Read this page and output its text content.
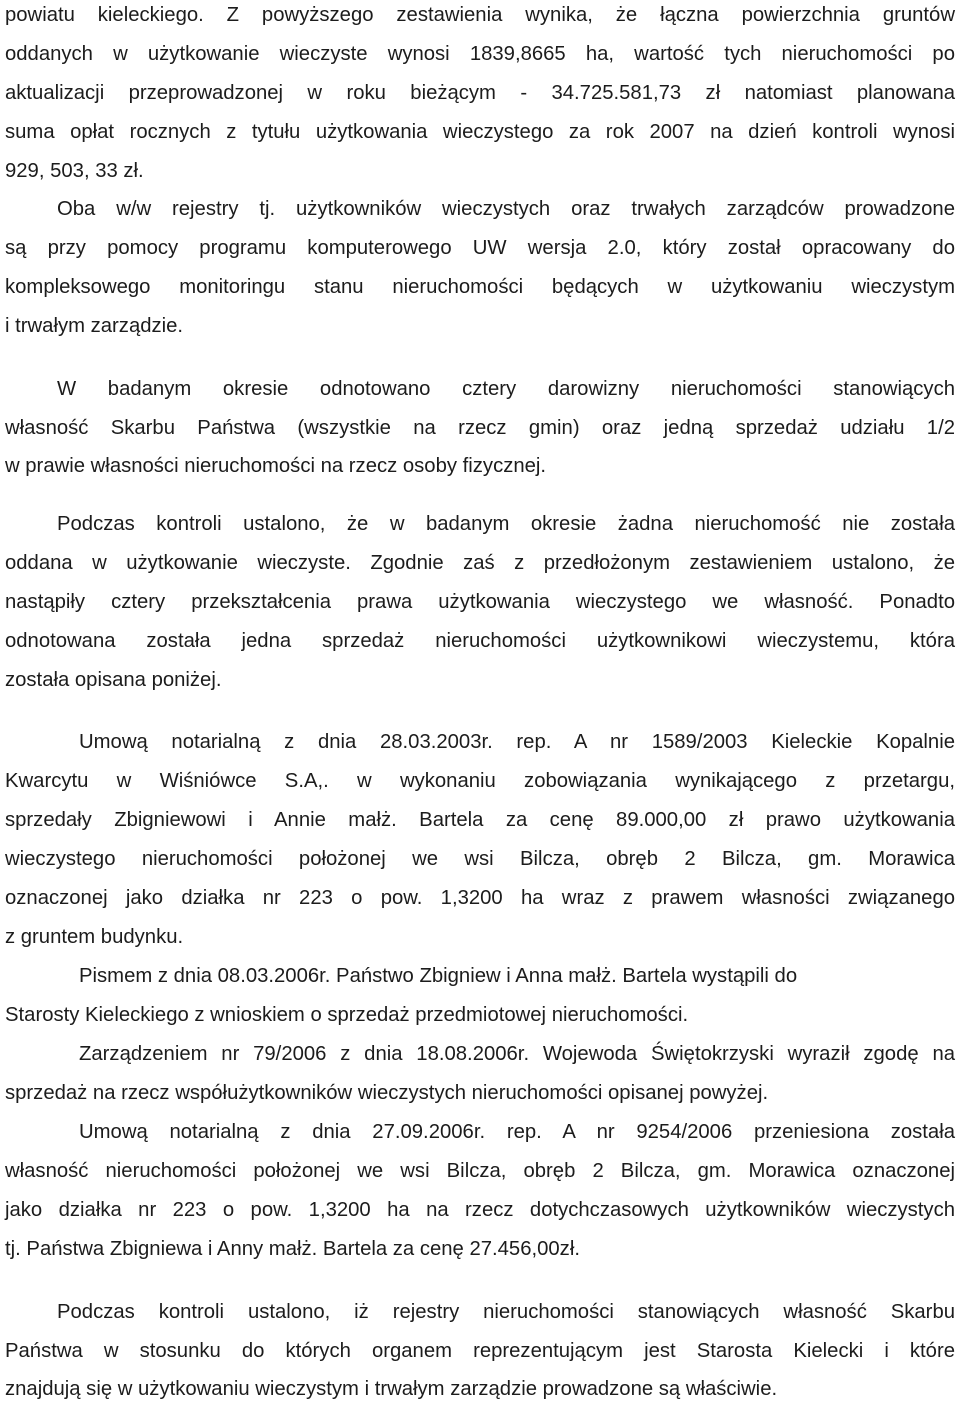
powiatu kieleckiego. Z powyższego zestawienia wynika, że łączna powierzchnia gruntów
oddanych w użytkowanie wieczyste wynosi 1839,8665 ha, wartość tych nieruchomości po
aktualizacji przeprowadzonej w roku bieżącym - 34.725.581,73 zł natomiast planowana
suma opłat rocznych z tytułu użytkowania wieczystego za rok 2007 na dzień kontroli wynosi
929, 503, 33 zł.
Oba w/w rejestry tj. użytkowników wieczystych oraz trwałych zarządców prowadzone
są przy pomocy programu komputerowego UW wersja 2.0, który został opracowany do
kompleksowego monitoringu stanu nieruchomości będących w użytkowaniu wieczystym
i trwałym zarządzie.
W badanym okresie odnotowano cztery darowizny nieruchomości stanowiących
własność Skarbu Państwa (wszystkie na rzecz gmin) oraz jedną sprzedaż udziału 1/2
w prawie własności nieruchomości na rzecz osoby fizycznej.
Podczas kontroli ustalono, że w badanym okresie żadna nieruchomość nie została
oddana w użytkowanie wieczyste. Zgodnie zaś z przedłożonym zestawieniem ustalono, że
nastąpiły cztery przekształcenia prawa użytkowania wieczystego we własność. Ponadto
odnotowana została jedna sprzedaż nieruchomości użytkownikowi wieczystemu, która
została opisana poniżej.
Umową notarialną z dnia 28.03.2003r. rep. A nr 1589/2003 Kieleckie Kopalnie
Kwarcytu w Wiśniówce S.A,. w wykonaniu zobowiązania wynikającego z przetargu,
sprzedały Zbigniewowi i Annie małż. Bartela za cenę 89.000,00 zł prawo użytkowania
wieczystego nieruchomości położonej we wsi Bilcza, obręb 2 Bilcza, gm. Morawica
oznaczonej jako działka nr 223 o pow. 1,3200 ha wraz z prawem własności związanego
z gruntem budynku.
Pismem z dnia 08.03.2006r. Państwo Zbigniew i Anna małż. Bartela wystąpili do
Starosty Kieleckiego z wnioskiem o sprzedaż przedmiotowej nieruchomości.
Zarządzeniem nr 79/2006 z dnia 18.08.2006r. Wojewoda Świętokrzyski wyraził zgodę na
sprzedaż na rzecz współużytkowników wieczystych nieruchomości opisanej powyżej.
Umową notarialną z dnia 27.09.2006r. rep. A nr 9254/2006 przeniesiona została
własność nieruchomości położonej we wsi Bilcza, obręb 2 Bilcza, gm. Morawica oznaczonej
jako działka nr 223 o pow. 1,3200 ha na rzecz dotychczasowych użytkowników wieczystych
tj. Państwa Zbigniewa i Anny małż. Bartela za cenę 27.456,00zł.
Podczas kontroli ustalono, iż rejestry nieruchomości stanowiących własność Skarbu
Państwa w stosunku do których organem reprezentującym jest Starosta Kielecki i które
znajdują się w użytkowaniu wieczystym i trwałym zarządzie prowadzone są właściwie.
